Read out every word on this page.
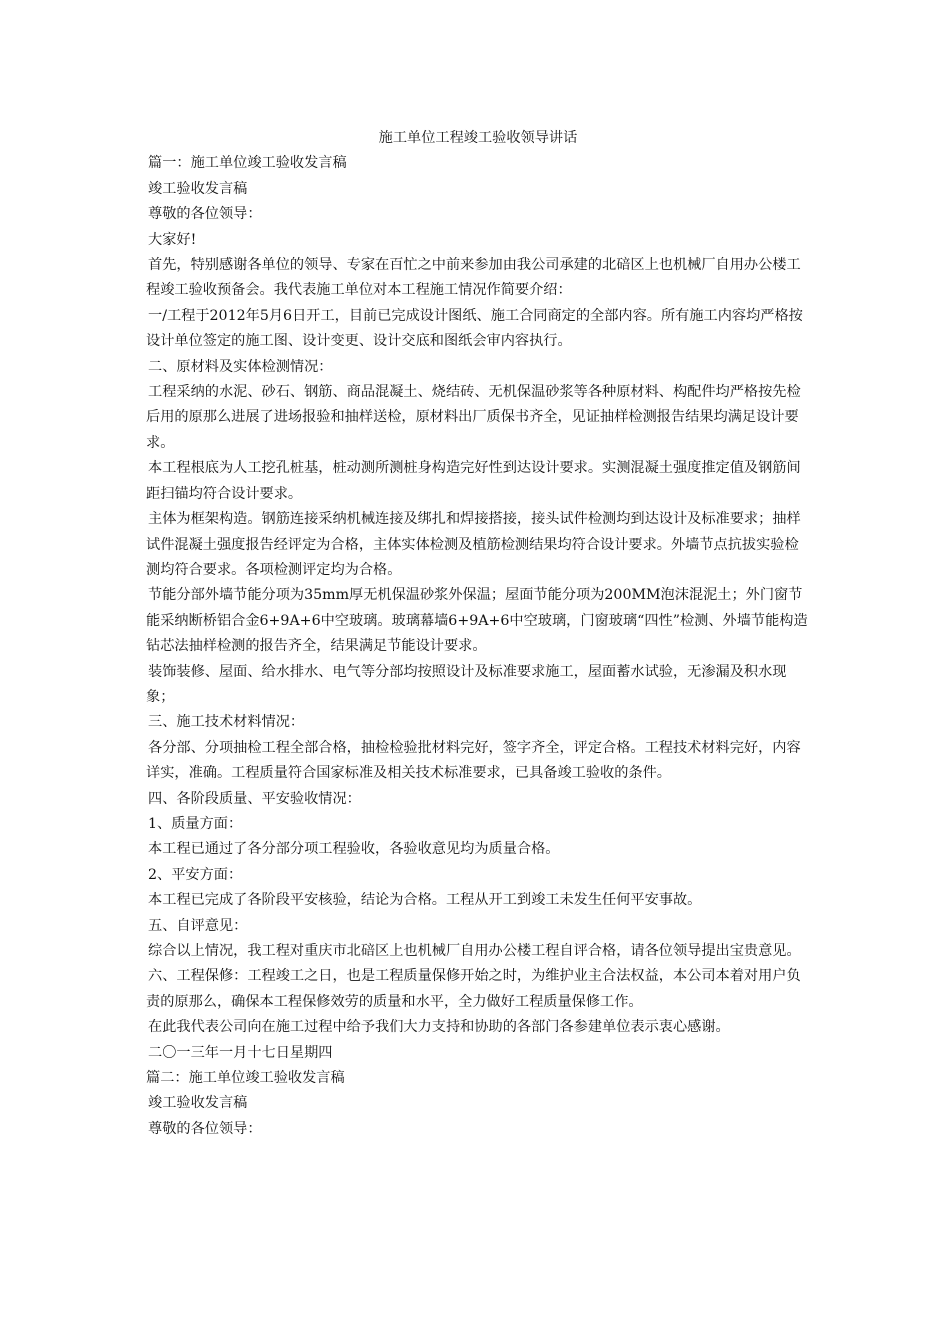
施工单位工程竣工验收领导讲话

篇一：施工单位竣工验收发言稿

竣工验收发言稿

尊敬的各位领导：

大家好!

首先，特别感谢各单位的领导、专家在百忙之中前来参加由我公司承建的北碚区上也机械厂自用办公楼工程竣工验收预备会。我代表施工单位对本工程施工情况作简要介绍：

一/工程于2012年5月6日开工，目前已完成设计图纸、施工合同商定的全部内容。所有施工内容均严格按设计单位签定的施工图、设计变更、设计交底和图纸会审内容执行。

二、原材料及实体检测情况：

工程采纳的水泥、砂石、钢筋、商品混凝土、烧结砖、无机保温砂浆等各种原材料、构配件均严格按先检后用的原那么进展了进场报验和抽样送检，原材料出厂质保书齐全，见证抽样检测报告结果均满足设计要求。

本工程根底为人工挖孔桩基，桩动测所测桩身构造完好性到达设计要求。实测混凝土强度推定值及钢筋间距扫锚均符合设计要求。

主体为框架构造。钢筋连接采纳机械连接及绑扎和焊接搭接，接头试件检测均到达设计及标准要求；抽样试件混凝土强度报告经评定为合格，主体实体检测及植筋检测结果均符合设计要求。外墙节点抗拔实验检测均符合要求。各项检测评定均为合格。

节能分部外墙节能分项为35mm厚无机保温砂浆外保温；屋面节能分项为200MM泡沫混泥土；外门窗节能采纳断桥铝合金6+9A+6中空玻璃。玻璃幕墙6+9A+6中空玻璃，门窗玻璃“四性”检测、外墙节能构造钻芯法抽样检测的报告齐全，结果满足节能设计要求。

装饰装修、屋面、给水排水、电气等分部均按照设计及标准要求施工，屋面蓄水试验，无渗漏及积水现象；

三、施工技术材料情况：

各分部、分项抽检工程全部合格，抽检检验批材料完好，签字齐全，评定合格。工程技术材料完好，内容详实，准确。工程质量符合国家标准及相关技术标准要求，已具备竣工验收的条件。

四、各阶段质量、平安验收情况：

1、质量方面：

本工程已通过了各分部分项工程验收，各验收意见均为质量合格。

2、平安方面：

本工程已完成了各阶段平安核验，结论为合格。工程从开工到竣工未发生任何平安事故。

五、自评意见：

综合以上情况，我工程对重庆市北碚区上也机械厂自用办公楼工程自评合格，请各位领导提出宝贵意见。

六、工程保修：工程竣工之日，也是工程质量保修开始之时，为维护业主合法权益，本公司本着对用户负责的原那么，确保本工程保修效劳的质量和水平，全力做好工程质量保修工作。

在此我代表公司向在施工过程中给予我们大力支持和协助的各部门各参建单位表示衷心感谢。

二〇一三年一月十七日星期四

篇二：施工单位竣工验收发言稿

竣工验收发言稿

尊敬的各位领导：
